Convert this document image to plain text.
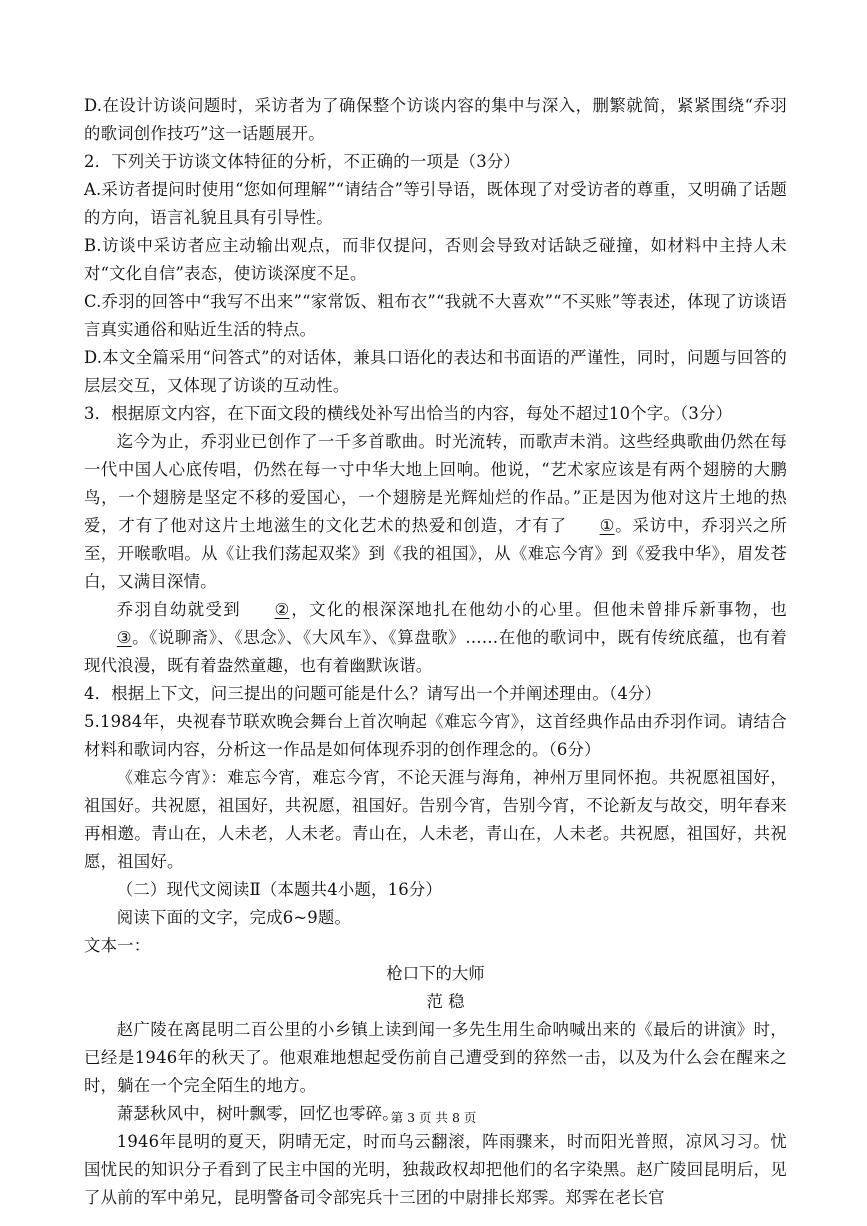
D.在设计访谈问题时，采访者为了确保整个访谈内容的集中与深入，删繁就简，紧紧围绕“乔羽的歌词创作技巧”这一话题展开。

2．下列关于访谈文体特征的分析，不正确的一项是（3分）

A.采访者提问时使用“您如何理解”“请结合”等引导语，既体现了对受访者的尊重，又明确了话题的方向，语言礼貌且具有引导性。

B.访谈中采访者应主动输出观点，而非仅提问，否则会导致对话缺乏碰撞，如材料中主持人未对“文化自信”表态，使访谈深度不足。

C.乔羽的回答中“我写不出来”“家常饭、粗布衣”“我就不大喜欢”“不买账”等表述，体现了访谈语言真实通俗和贴近生活的特点。

D.本文全篇采用“问答式”的对话体，兼具口语化的表达和书面语的严谨性，同时，问题与回答的层层交互，又体现了访谈的互动性。

3．根据原文内容，在下面文段的横线处补写出恰当的内容，每处不超过10个字。（3分）

迄今为止，乔羽业已创作了一千多首歌曲。时光流转，而歌声未消。这些经典歌曲仍然在每一代中国人心底传唱，仍然在每一寸中华大地上回响。他说，“艺术家应该是有两个翅膀的大鹏鸟，一个翅膀是坚定不移的爱国心，一个翅膀是光辉灿烂的作品。”正是因为他对这片土地的热爱，才有了他对这片土地滋生的文化艺术的热爱和创造，才有了 ①。采访中，乔羽兴之所至，开喉歌唱。从《让我们荡起双桨》到《我的祖国》，从《难忘今宵》到《爱我中华》，眉发苍白，又满目深情。

乔羽自幼就受到 ②，文化的根深深地扎在他幼小的心里。但他未曾排斥新事物，也③。《说聊斋》、《思念》、《大风车》、《算盘歌》……在他的歌词中，既有传统底蕴，也有着现代浪漫，既有着盎然童趣，也有着幽默诙谐。

4．根据上下文，问三提出的问题可能是什么？请写出一个并阐述理由。（4分）

5.1984年，央视春节联欢晚会舞台上首次响起《难忘今宵》，这首经典作品由乔羽作词。请结合材料和歌词内容，分析这一作品是如何体现乔羽的创作理念的。（6分）

《难忘今宵》：难忘今宵，难忘今宵，不论天涯与海角，神州万里同怀抱。共祝愿祖国好，祖国好。共祝愿，祖国好，共祝愿，祖国好。告别今宵，告别今宵，不论新友与故交，明年春来再相邀。青山在，人未老，人未老。青山在，人未老，青山在，人未老。共祝愿，祖国好，共祝愿，祖国好。

（二）现代文阅读Ⅱ（本题共4小题，16分）

阅读下面的文字，完成6~9题。

文本一：

枪口下的大师

范 稳

赵广陵在离昆明二百公里的小乡镇上读到闻一多先生用生命呐喊出来的《最后的讲演》时，已经是1946年的秋天了。他艰难地想起受伤前自己遭受到的猝然一击，以及为什么会在醒来之时，躺在一个完全陌生的地方。

萧瑟秋风中，树叶飘零，回忆也零碎。

1946年昆明的夏天，阴晴无定，时而乌云翻滚，阵雨骤来，时而阳光普照，凉风习习。忧国忧民的知识分子看到了民主中国的光明，独裁政权却把他们的名字染黑。赵广陵回昆明后，见了从前的军中弟兄，昆明警备司令部宪兵十三团的中尉排长郑霁。郑霁在老长官

第 3 页 共 8 页
